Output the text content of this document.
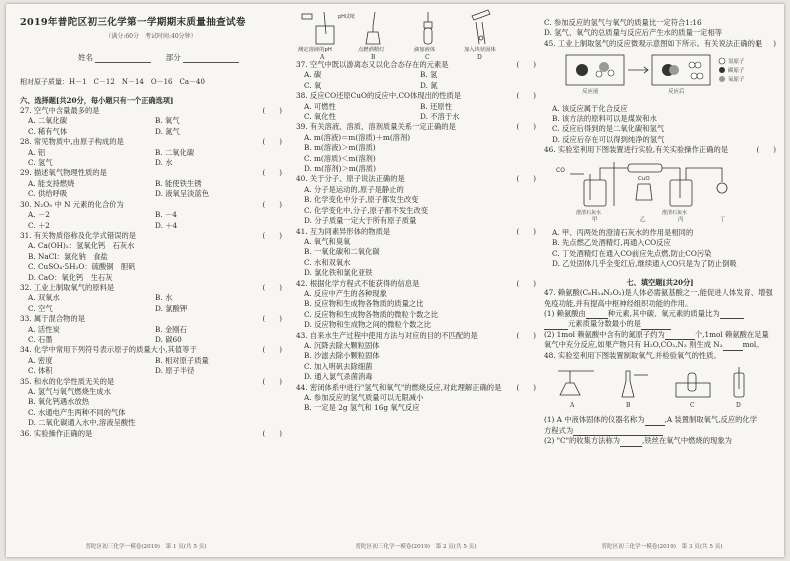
2019年普陀区初三化学第一学期期末质量抽查试卷
（满分:60分　考试时间:40分钟）
姓名	部分
相对原子质量：H－1　C－12　N－14　O－16　Ca－40
六、选择题[共20分，每小题只有一个正确选项]
27. 空气中含量最多的是	(　　)
A. 二氧化碳	B. 氧气
C. 稀有气体	D. 氮气
28. 常见物质中,由原子构成的是	(　　)
A. 铝	B. 二氧化碳
C. 氢气	D. 水
29. 描述氧气物理性质的是	(　　)
A. 能支持燃烧	B. 能使铁生锈
C. 供给呼吸	D. 液氧呈淡蓝色
30. N₂O₅ 中 N 元素的化合价为	(　　)
A. －2	B. －4
C. ＋2	D. ＋4
31. 有关物质俗称及化学式错误的是	(　　)
A. Ca(OH)₂：氢氧化钙　石灰水
B. NaCl：氯化钠　食盐
C. CuSO₄·5H₂O：硫酸铜　胆矾
D. CaO：氧化钙　生石灰
32. 工业上制取氧气的原料是	(　　)
A. 双氧水	B. 水
C. 空气	D. 氯酸钾
33. 属于混合物的是	(　　)
A. 活性炭	B. 金刚石
C. 石墨	D. 碳60
34. 化学中常用下列符号表示原子的质量大小,其值等于	(　　)
A. 密度	B. 相对原子质量
C. 体积	D. 原子半径
35. 和水的化学性质无关的是	(　　)
A. 氢气与氧气燃烧生成水
B. 氧化钙遇水放热
C. 水通电产生两种不同的气体
D. 二氧化碳通入水中,溶液呈酸性
36. 实验操作正确的是	(　　)
pH试纸
测定溶液的pH	点燃酒精灯	滴加液体	加入块状固体
A	B	C	D
37. 空气中既以游离态又以化合态存在的元素是	(　　)
A. 碳	B. 氢
C. 氧	D. 氮
38. 反应CO还原CuO的反应中,CO体现出的性质是	(　　)
A. 可燃性	B. 还原性
C. 氧化性	D. 不溶于水
39. 有关溶液、溶质、溶剂质量关系一定正确的是	(　　)
A. m(溶液)＝m(溶质)＋m(溶剂)
B. m(溶液)＞m(溶质)
C. m(溶质)＜m(溶剂)
D. m(溶剂)＞m(溶质)
40. 关于分子、原子说法正确的是	(　　)
A. 分子是运动的,原子是静止的
B. 化学变化中分子,原子都发生改变
C. 化学变化中,分子,原子都不发生改变
D. 分子质量一定大于所有原子质量
41. 互为同素异形体的物质是	(　　)
A. 氧气和臭氧
B. 一氧化碳和二氧化碳
C. 水和双氧水
D. 氯化铁和氯化亚铁
42. 根据化学方程式不能获得的信息是	(　　)
A. 反应中产生的各种现象
B. 反应物和生成物各物质的质量之比
C. 反应物和生成物各物质的微粒个数之比
D. 反应物和生成物之间的微粒个数之比
43. 自来水生产过程中使用方法与对应的目的不匹配的是	(　　)
A. 沉降去除大颗粒固体
B. 沙滤去除小颗粒固体
C. 加入明矾去除细菌
D. 通入氯气杀菌消毒
44. 密闭体系中进行"氢气和氧气"的燃烧反应,对此理解正确的是 (　　)
A. 参加反应的氢气质量可以无限减小
B. 一定是 2g 氢气和 16g 氧气反应
C. 参加反应的氢气与氧气的质量比一定符合1:16
D. 氢气、氧气的总质量与反应后产生水的质量一定相等
45. 工业上制取氢气的反应微观示意图如下所示。有关说法正确的是
(　　)
反应前	反应后
氢原子
碳原子
氧原子
A. 该反应属于化合反应
B. 该方法的原料可以是煤炭和水
C. 反应后得到的是二氧化碳和氢气
D. 反应后存在可以得到纯净的氢气
46. 实验室利用下图装置进行实验,有关实验操作正确的是	(　　)
CO
CuO
澄清石灰水	澄清石灰水
甲	乙	丙	丁
A. 甲、丙两处的澄清石灰水的作用是相同的
B. 先点燃乙处酒精灯,再通入CO反应
C. 丁处酒精灯在通入CO前应先点燃,防止CO污染
D. 乙处固体几乎全变红后,继续通入CO只是为了防止倒吸
七、填空题[共20分]
47. 赖氨酸(C₆H₁₄N₂O₂)是人体必需氨基酸之一,能促进人体发育、增强
免疫功能,并有提高中枢神经组织功能的作用。
(1) 赖氨酸由	种元素,其中碳、氧元素的质量比为
元素质量分数最小的是
(2) 1mol 赖氨酸中含有的氮原子约为	个,1mol 赖氨酸在足量
氧气中充分反应,如果产物只有 H₂O,CO₂,N₂ 则生成 N₂	mol。
48. 实验室利用下图装置制取氧气,并检验氧气的性质。
A	B	C	D
(1) A 中液体固体的仪器名称为	,A 装置制取氧气,反应的化学
方程式为
(2) "C"的收集方法称为	,铁丝在氧气中燃烧的现象为
普陀区初三化学一模卷(2019)　第 1 页(共 5 页)	普陀区初三化学一模卷(2019)　第 2 页(共 5 页)	普陀区初三化学一模卷(2019)　第 3 页(共 5 页)
